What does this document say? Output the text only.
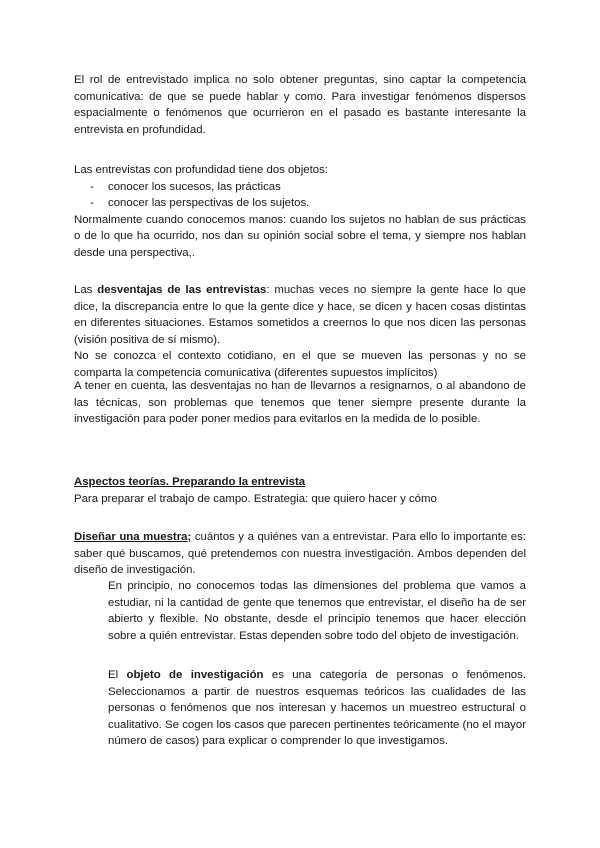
El rol de entrevistado implica no solo obtener preguntas, sino captar la competencia comunicativa: de que se puede hablar y como. Para investigar fenómenos dispersos espacialmente o fenómenos que ocurrieron en el pasado es bastante interesante la entrevista en profundidad.

Las entrevistas con profundidad tiene dos objetos:

- conocer los sucesos, las prácticas
- conocer las perspectivas de los sujetos.

Normalmente cuando conocemos manos: cuando los sujetos no hablan de sus prácticas o de lo que ha ocurrido, nos dan su opinión social sobre el tema, y siempre nos hablan desde una perspectiva,.

Las desventajas de las entrevistas: muchas veces no siempre la gente hace lo que dice, la discrepancia entre lo que la gente dice y hace, se dicen y hacen cosas distintas en diferentes situaciones. Estamos sometidos a creernos lo que nos dicen las personas (visión positiva de sí mismo).

No se conozca el contexto cotidiano, en el que se mueven las personas y no se comparta la competencia comunicativa (diferentes supuestos implícitos)

A tener en cuenta, las desventajas no han de llevarnos a resignarnos, o al abandono de las técnicas, son problemas que tenemos que tener siempre presente durante la investigación para poder poner medios para evitarlos en la medida de lo posible.

Aspectos teorías. Preparando la entrevista

Para preparar el trabajo de campo. Estrategia: que quiero hacer y cómo

Diseñar una muestra; cuántos y a quiénes van a entrevistar. Para ello lo importante es: saber qué buscamos, qué pretendemos con nuestra investigación. Ambos dependen del diseño de investigación.

En principio, no conocemos todas las dimensiones del problema que vamos a estudiar, ni la cantidad de gente que tenemos que entrevistar, el diseño ha de ser abierto y flexible. No obstante, desde el principio tenemos que hacer elección sobre a quién entrevistar. Estas dependen sobre todo del objeto de investigación.

El objeto de investigación es una categoría de personas o fenómenos. Seleccionamos a partir de nuestros esquemas teóricos las cualidades de las personas o fenómenos que nos interesan y hacemos un muestreo estructural o cualitativo. Se cogen los casos que parecen pertinentes teóricamente (no el mayor número de casos) para explicar o comprender lo que investigamos.
